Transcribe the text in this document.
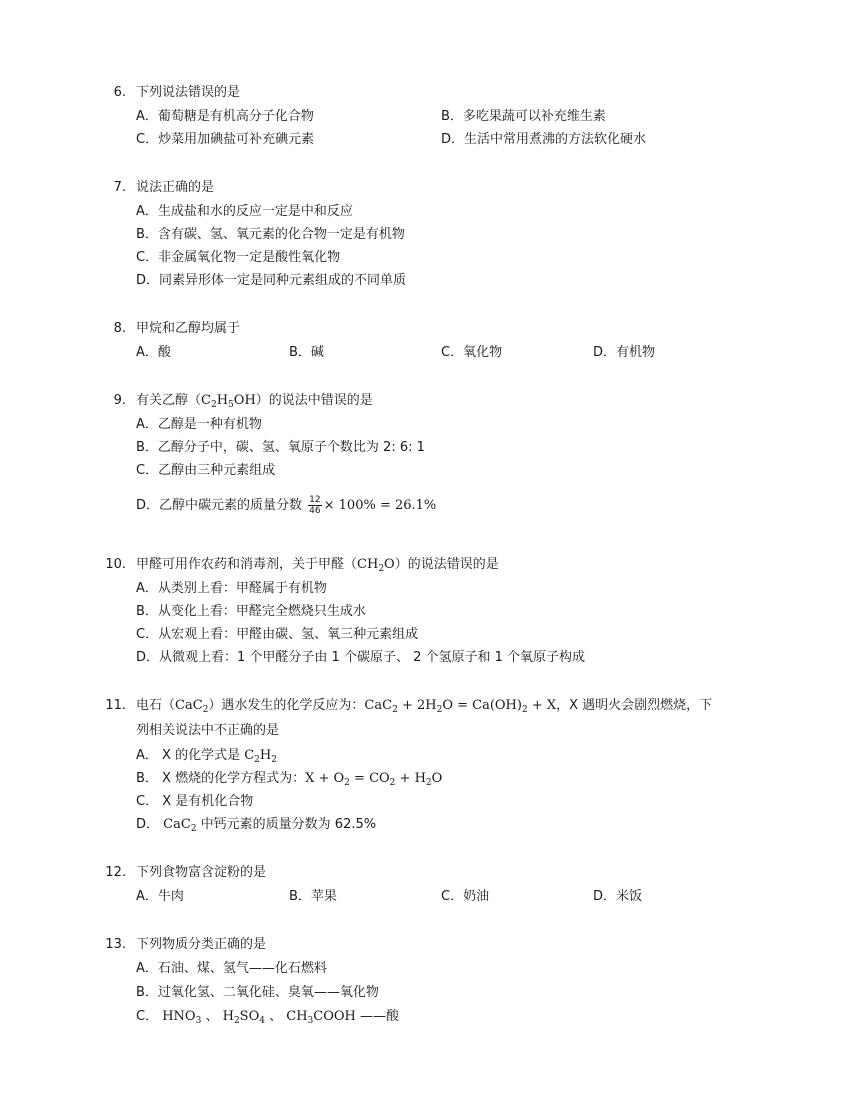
6. 下列说法错误的是
A．葡萄糖是有机高分子化合物	B．多吃果蔬可以补充维生素
C．炒菜用加碘盐可补充碘元素	D．生活中常用煮沸的方法软化硬水
7. 说法正确的是
A．生成盐和水的反应一定是中和反应
B．含有碳、氢、氧元素的化合物一定是有机物
C．非金属氧化物一定是酸性氧化物
D．同素异形体一定是同种元素组成的不同单质
8. 甲烷和乙醇均属于
A．酸	B．碱	C．氧化物	D．有机物
9. 有关乙醇$(C_2H_5OH)$的说法中错误的是
A．乙醇是一种有机物
B．乙醇分子中，碳、氢、氧原子个数比为 2: 6: 1
C．乙醇由三种元素组成
D．乙醇中碳元素的质量分数 $\frac{12}{46} \times 100\% = 26.1\%$
10. 甲醛可用作农药和消毒剂，关于甲醛$(CH_2O)$的说法错误的是
A．从类别上看：甲醛属于有机物
B．从变化上看：甲醛完全燃烧只生成水
C．从宏观上看：甲醛由碳、氢、氧三种元素组成
D．从微观上看：1 个甲醛分子由 1 个碳原子、 2 个氢原子和 1 个氧原子构成
11. 电石（CaC$_2$）遇水发生的化学反应为：$CaC_2 + 2H_2O = Ca(OH)_2 + X$，X 遇明火会剧烈燃烧，下
列相关说法中不正确的是
A． X 的化学式是 $C_2H_2$
B． X 燃烧的化学方程式为：$X + O_2 = CO_2 + H_2O$
C． X 是有机化合物
D． CaC$_2$ 中钙元素的质量分数为 62.5%
12. 下列食物富含淀粉的是
A．牛肉	B．苹果	C．奶油	D．米饭
13. 下列物质分类正确的是
A．石油、煤、氢气——化石燃料
B．过氧化氢、二氧化硅、臭氧——氧化物
C． $HNO_3$ 、 $H_2SO_4$ 、 $CH_3COOH$ ——酸
